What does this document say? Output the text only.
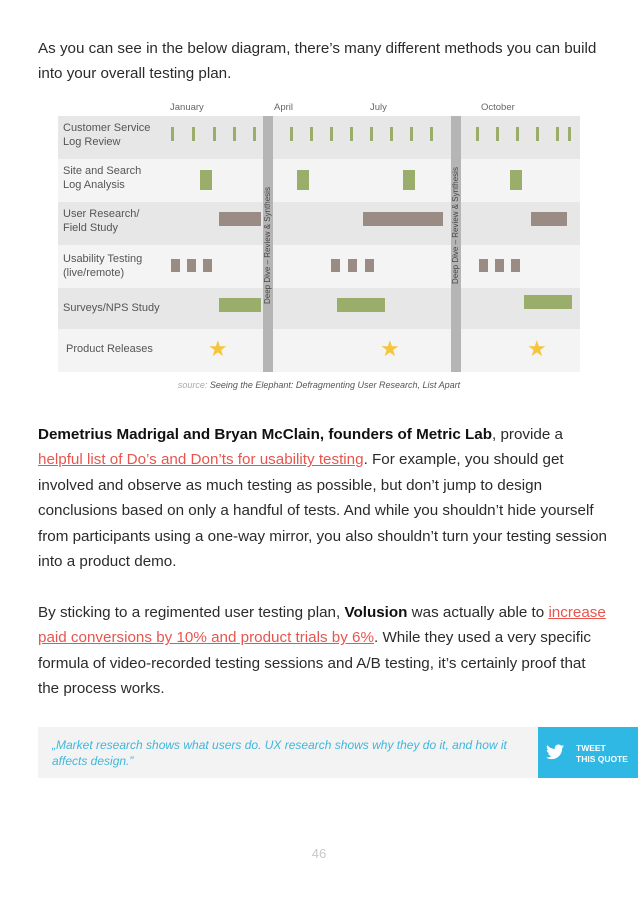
As you can see in the below diagram, there’s many different methods you can build into your overall testing plan.

January	April	July	October
Customer Service
Log Review
Site and Search
Log Analysis
User Research/
Field Study
Usability Testing
(live/remote)
Surveys/NPS Study
Product Releases	★	★	★
Deep Dive – Review & Synthesis	Deep Dive – Review & Synthesis
source: Seeing the Elephant: Defragmenting User Research, List Apart

Demetrius Madrigal and Bryan McClain, founders of Metric Lab, provide a helpful list of Do’s and Don’ts for usability testing. For example, you should get involved and observe as much testing as possible, but don’t jump to design conclusions based on only a handful of tests. And while you shouldn’t hide yourself from participants using a one-way mirror, you also shouldn’t turn your testing session into a product demo.

By sticking to a regimented user testing plan, Volusion was actually able to increase paid conversions by 10% and product trials by 6%. While they used a very specific formula of video-recorded testing sessions and A/B testing, it’s certainly proof that the process works.

„Market research shows what users do. UX research shows why they do it, and how it affects design.”
TWEET
THIS QUOTE
46
